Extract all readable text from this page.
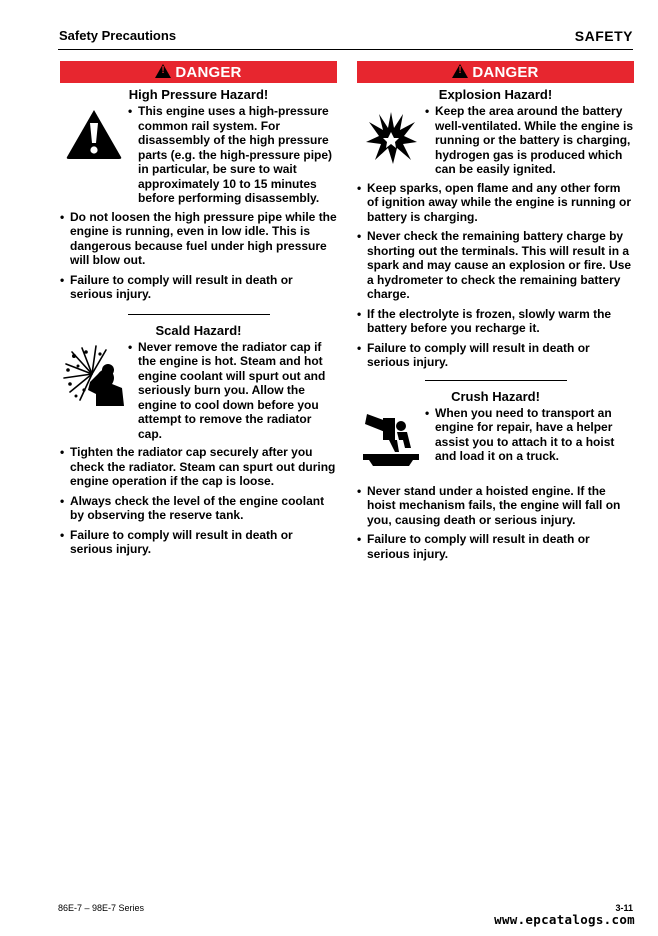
Safety Precautions	SAFETY
!
DANGER
High Pressure Hazard!
• This engine uses a high-pressure common rail system. For disassembly of the high pressure parts (e.g. the high-pressure pipe) in particular, be sure to wait approximately 10 to 15 minutes before performing disassembly.
• Do not loosen the high pressure pipe while the engine is running, even in low idle. This is dangerous because fuel under high pressure will blow out.
• Failure to comply will result in death or serious injury.
Scald Hazard!
• Never remove the radiator cap if the engine is hot. Steam and hot engine coolant will spurt out and seriously burn you. Allow the engine to cool down before you attempt to remove the radiator cap.
• Tighten the radiator cap securely after you check the radiator. Steam can spurt out during engine operation if the cap is loose.
• Always check the level of the engine coolant by observing the reserve tank.
• Failure to comply will result in death or serious injury.
!
DANGER
Explosion Hazard!
• Keep the area around the battery well-ventilated. While the engine is running or the battery is charging, hydrogen gas is produced which can be easily ignited.
• Keep sparks, open flame and any other form of ignition away while the engine is running or battery is charging.
• Never check the remaining battery charge by shorting out the terminals. This will result in a spark and may cause an explosion or fire. Use a hydrometer to check the remaining battery charge.
• If the electrolyte is frozen, slowly warm the battery before you recharge it.
• Failure to comply will result in death or serious injury.
Crush Hazard!
• When you need to transport an engine for repair, have a helper assist you to attach it to a hoist and load it on a truck.
• Never stand under a hoisted engine. If the hoist mechanism fails, the engine will fall on you, causing death or serious injury.
• Failure to comply will result in death or serious injury.
86E-7 – 98E-7 Series	3-11
www.epcatalogs.com
